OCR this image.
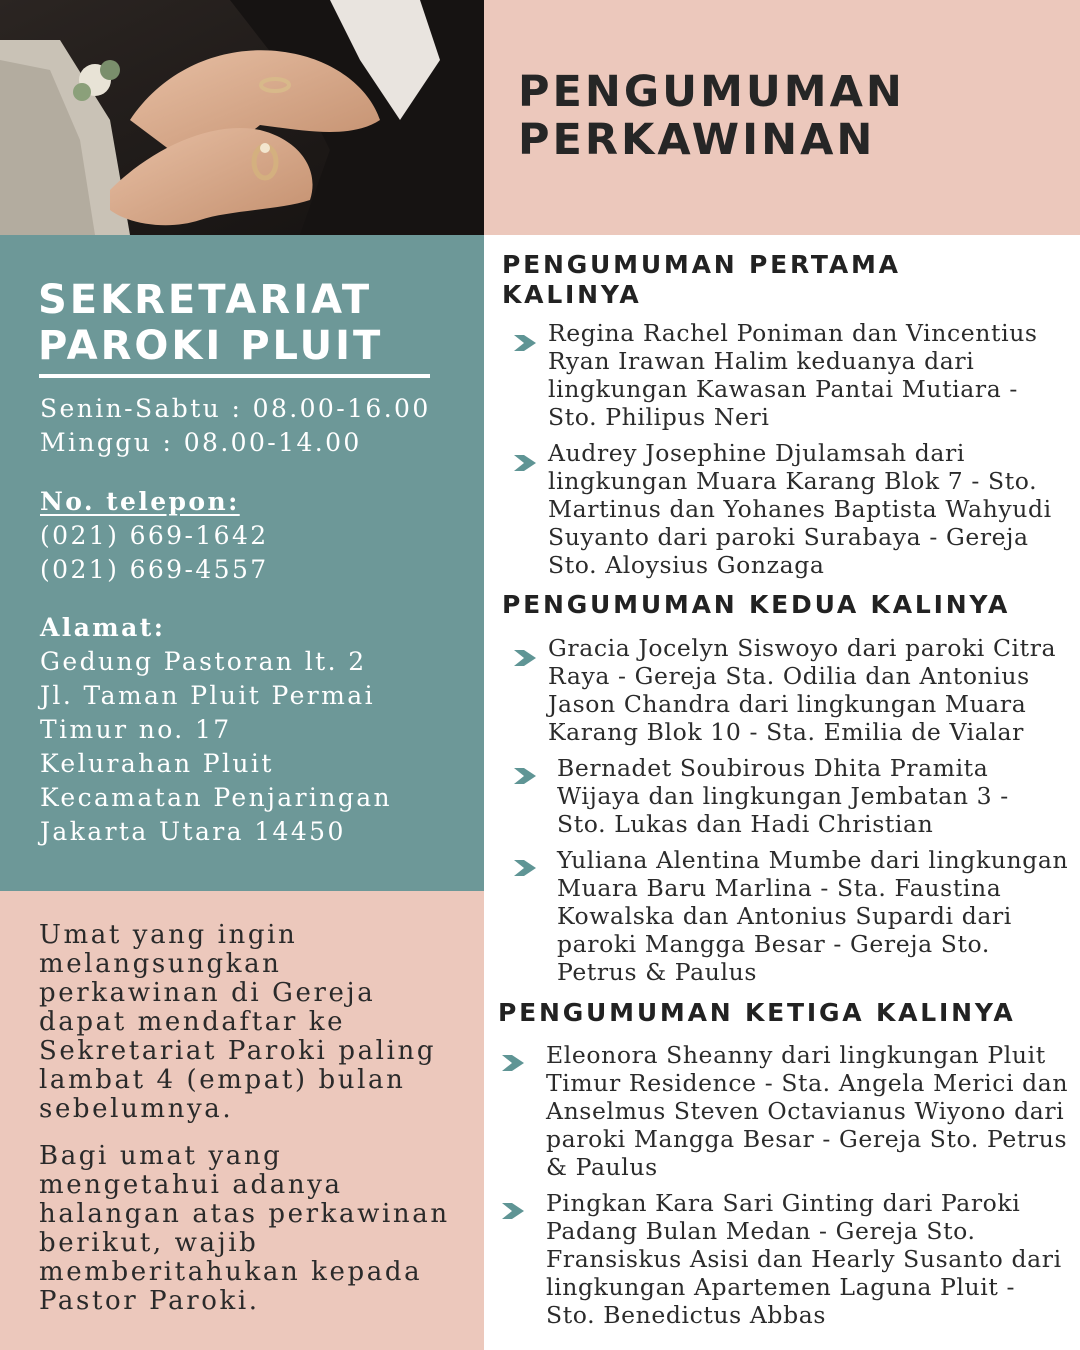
PENGUMUMAN
PERKAWINAN
SEKRETARIAT
PAROKI PLUIT

Senin-Sabtu : 08.00-16.00
Minggu : 08.00-14.00

No. telepon:
(021) 669-1642
(021) 669-4557

Alamat:
Gedung Pastoran lt. 2
Jl. Taman Pluit Permai
Timur no. 17
Kelurahan Pluit
Kecamatan Penjaringan
Jakarta Utara 14450

Umat yang ingin
melangsungkan
perkawinan di Gereja
dapat mendaftar ke
Sekretariat Paroki paling
lambat 4 (empat) bulan
sebelumnya.

Bagi umat yang
mengetahui adanya
halangan atas perkawinan
berikut, wajib
memberitahukan kepada
Pastor Paroki.

PENGUMUMAN PERTAMA
KALINYA

Regina Rachel Poniman dan Vincentius
Ryan Irawan Halim keduanya dari
lingkungan Kawasan Pantai Mutiara -
Sto. Philipus Neri

Audrey Josephine Djulamsah dari
lingkungan Muara Karang Blok 7 - Sto.
Martinus dan Yohanes Baptista Wahyudi
Suyanto dari paroki Surabaya - Gereja
Sto. Aloysius Gonzaga

PENGUMUMAN KEDUA KALINYA

Gracia Jocelyn Siswoyo dari paroki Citra
Raya - Gereja Sta. Odilia dan Antonius
Jason Chandra dari lingkungan Muara
Karang Blok 10 - Sta. Emilia de Vialar

Bernadet Soubirous Dhita Pramita
Wijaya dan lingkungan Jembatan 3 -
Sto. Lukas dan Hadi Christian

Yuliana Alentina Mumbe dari lingkungan
Muara Baru Marlina - Sta. Faustina
Kowalska dan Antonius Supardi dari
paroki Mangga Besar - Gereja Sto.
Petrus & Paulus

PENGUMUMAN KETIGA KALINYA

Eleonora Sheanny dari lingkungan Pluit
Timur Residence - Sta. Angela Merici dan
Anselmus Steven Octavianus Wiyono dari
paroki Mangga Besar - Gereja Sto. Petrus
& Paulus

Pingkan Kara Sari Ginting dari Paroki
Padang Bulan Medan - Gereja Sto.
Fransiskus Asisi dan Hearly Susanto dari
lingkungan Apartemen Laguna Pluit -
Sto. Benedictus Abbas
